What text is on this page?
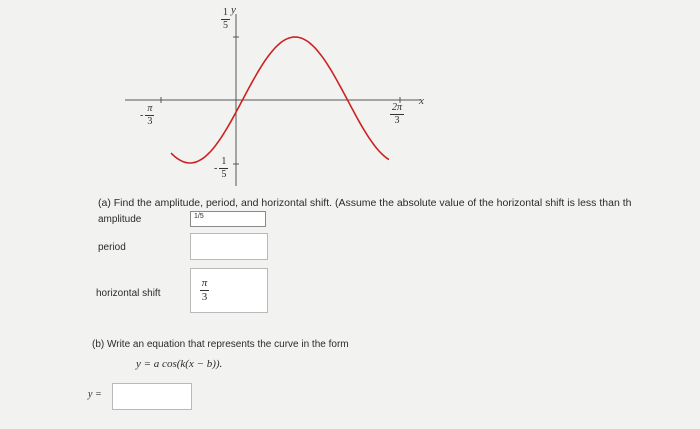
x
y
1
5
-
1
5
-
π
3
2π
3
(a) Find the amplitude, period, and horizontal shift. (Assume the absolute value of the horizontal shift is less than th
amplitude	1/5
period
horizontal shift
π
3
(b) Write an equation that represents the curve in the form
y = a cos(k(x − b)).
y =
